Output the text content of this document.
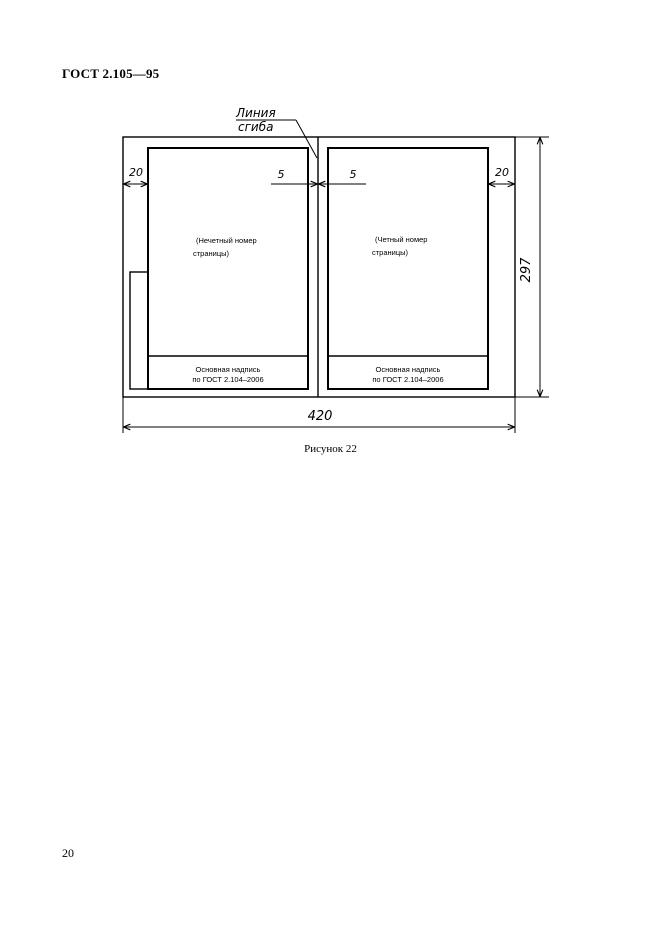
ГОСТ 2.105—95
Линия
сгиба
20	20
5	5
420
297
(Нечетный номер
страницы)
(Четный номер
страницы)
Основная надпись
по ГОСТ 2.104–2006
Основная надпись
по ГОСТ 2.104–2006
Рисунок 22
20
